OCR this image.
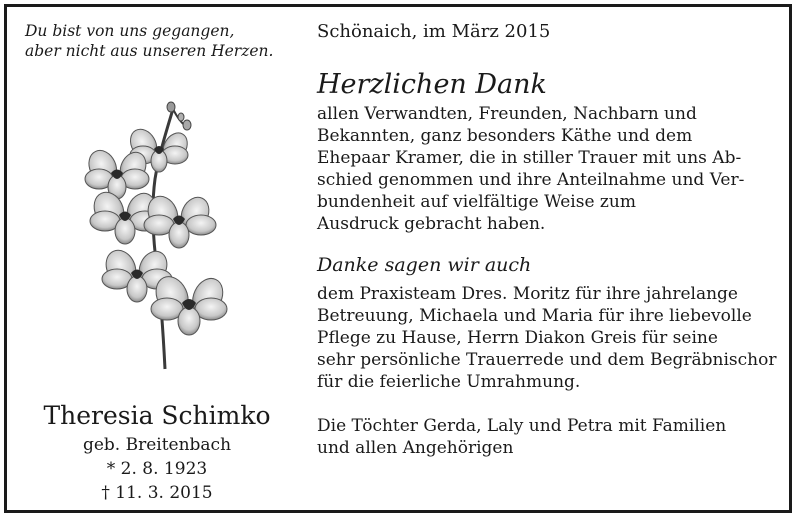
Du bist von uns gegangen,
aber nicht aus unseren Herzen.
Theresia Schimko
geb. Breitenbach
* 2. 8. 1923
† 11. 3. 2015
Schönaich, im März 2015
Herzlichen Dank
allen Verwandten, Freunden, Nachbarn und
Bekannten, ganz besonders Käthe und dem
Ehepaar Kramer, die in stiller Trauer mit uns Ab-
schied genommen und ihre Anteilnahme und Ver-
bundenheit auf vielfältige Weise zum
Ausdruck gebracht haben.
Danke sagen wir auch
dem Praxisteam Dres. Moritz für ihre jahrelange
Betreuung, Michaela und Maria für ihre liebevolle
Pflege zu Hause, Herrn Diakon Greis für seine
sehr persönliche Trauerrede und dem Begräbnischor
für die feierliche Umrahmung.
Die Töchter Gerda, Laly und Petra mit Familien
und allen Angehörigen
